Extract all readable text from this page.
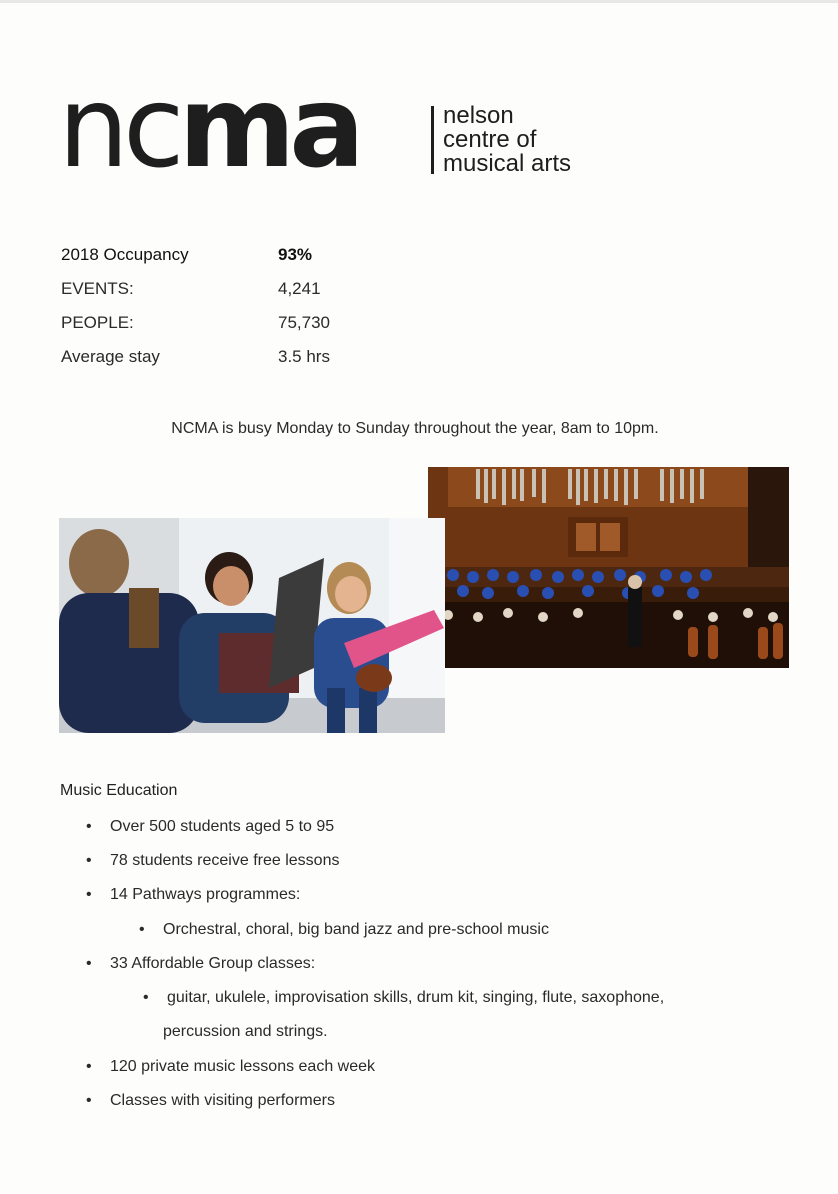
ncma	nelson
centre of
musical arts
2018 Occupancy	93%
EVENTS:	4,241
PEOPLE:	75,730
Average stay	3.5 hrs
NCMA is busy Monday to Sunday throughout the year, 8am to 10pm.
Music Education
• Over 500 students aged 5 to 95
• 78 students receive free lessons
• 14 Pathways programmes:
• Orchestral, choral, big band jazz and pre-school music
• 33 Affordable Group classes:
• guitar, ukulele, improvisation skills, drum kit, singing, flute, saxophone,
percussion and strings.
• 120 private music lessons each week
• Classes with visiting performers
